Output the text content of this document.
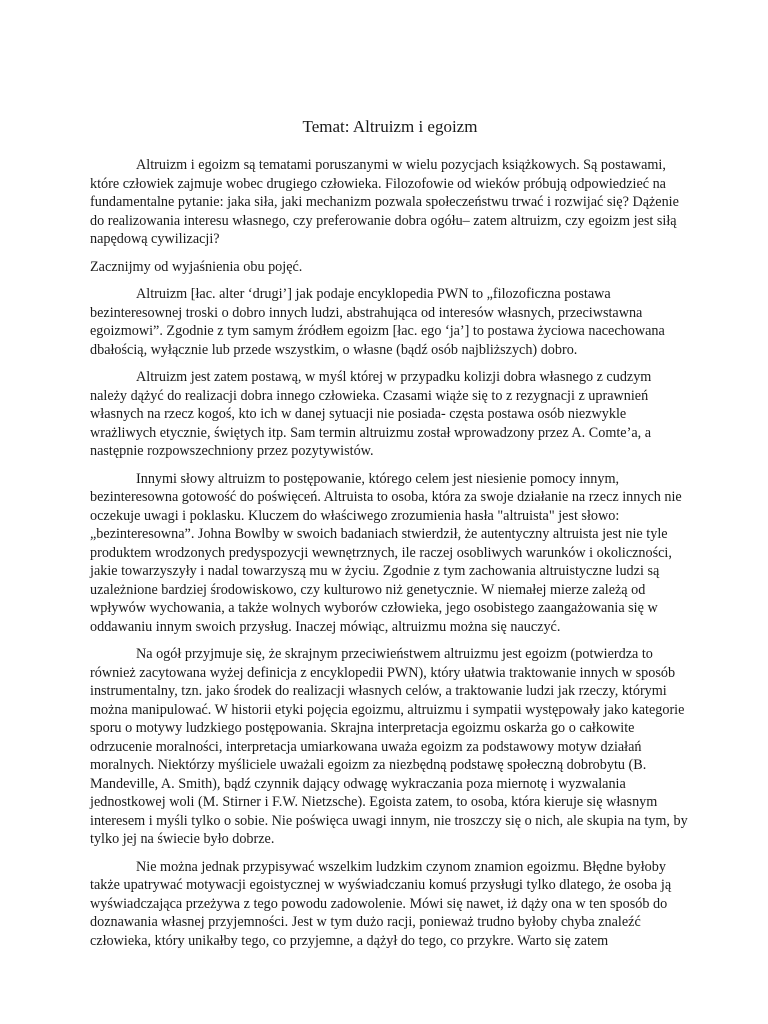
Temat: Altruizm i egoizm

Altruizm i egoizm są tematami poruszanymi w wielu pozycjach książkowych. Są postawami, które człowiek zajmuje wobec drugiego człowieka. Filozofowie od wieków próbują odpowiedzieć na fundamentalne pytanie: jaka siła, jaki mechanizm pozwala społeczeństwu trwać i rozwijać się? Dążenie do realizowania interesu własnego, czy preferowanie dobra ogółu– zatem altruizm, czy egoizm jest siłą napędową cywilizacji?

Zacznijmy od wyjaśnienia obu pojęć.

Altruizm [łac. alter ‘drugi’] jak podaje encyklopedia PWN to „filozoficzna postawa bezinteresownej troski o dobro innych ludzi, abstrahująca od interesów własnych, przeciwstawna egoizmowi”. Zgodnie z tym samym źródłem egoizm [łac. ego ‘ja’] to postawa życiowa nacechowana dbałością, wyłącznie lub przede wszystkim, o własne (bądź osób najbliższych) dobro.

Altruizm jest zatem postawą, w myśl której w przypadku kolizji dobra własnego z cudzym należy dążyć do realizacji dobra innego człowieka. Czasami wiąże się to z rezygnacji z uprawnień własnych na rzecz kogoś, kto ich w danej sytuacji nie posiada- częsta postawa osób niezwykle wrażliwych etycznie, świętych itp. Sam termin altruizmu został wprowadzony przez A. Comte’a, a następnie rozpowszechniony przez pozytywistów.

Innymi słowy altruizm to postępowanie, którego celem jest niesienie pomocy innym, bezinteresowna gotowość do poświęceń. Altruista to osoba, która za swoje działanie na rzecz innych nie oczekuje uwagi i poklasku. Kluczem do właściwego zrozumienia hasła "altruista" jest słowo: „bezinteresowna”. Johna Bowlby w swoich badaniach stwierdził, że autentyczny altruista jest nie tyle produktem wrodzonych predyspozycji wewnętrznych, ile raczej osobliwych warunków i okoliczności, jakie towarzyszyły i nadal towarzyszą mu w życiu. Zgodnie z tym zachowania altruistyczne ludzi są uzależnione bardziej środowiskowo, czy kulturowo niż genetycznie. W niemałej mierze zależą od wpływów wychowania, a także wolnych wyborów człowieka, jego osobistego zaangażowania się w oddawaniu innym swoich przysług. Inaczej mówiąc, altruizmu można się nauczyć.

Na ogół przyjmuje się, że skrajnym przeciwieństwem altruizmu jest egoizm (potwierdza to również zacytowana wyżej definicja z encyklopedii PWN), który ułatwia traktowanie innych w sposób instrumentalny, tzn. jako środek do realizacji własnych celów, a traktowanie ludzi jak rzeczy, którymi można manipulować. W historii etyki pojęcia egoizmu, altruizmu i sympatii występowały jako kategorie sporu o motywy ludzkiego postępowania. Skrajna interpretacja egoizmu oskarża go o całkowite odrzucenie moralności, interpretacja umiarkowana uważa egoizm za podstawowy motyw działań moralnych. Niektórzy myśliciele uważali egoizm za niezbędną podstawę społeczną dobrobytu (B. Mandeville, A. Smith), bądź czynnik dający odwagę wykraczania poza miernotę i wyzwalania jednostkowej woli (M. Stirner i F.W. Nietzsche). Egoista zatem, to osoba, która kieruje się własnym interesem i myśli tylko o sobie. Nie poświęca uwagi innym, nie troszczy się o nich, ale skupia na tym, by tylko jej na świecie było dobrze.

Nie można jednak przypisywać wszelkim ludzkim czynom znamion egoizmu. Błędne byłoby także upatrywać motywacji egoistycznej w wyświadczaniu komuś przysługi tylko dlatego, że osoba ją wyświadczająca przeżywa z tego powodu zadowolenie. Mówi się nawet, iż dąży ona w ten sposób do doznawania własnej przyjemności. Jest w tym dużo racji, ponieważ trudno byłoby chyba znaleźć człowieka, który unikałby tego, co przyjemne, a dążył do tego, co przykre. Warto się zatem
